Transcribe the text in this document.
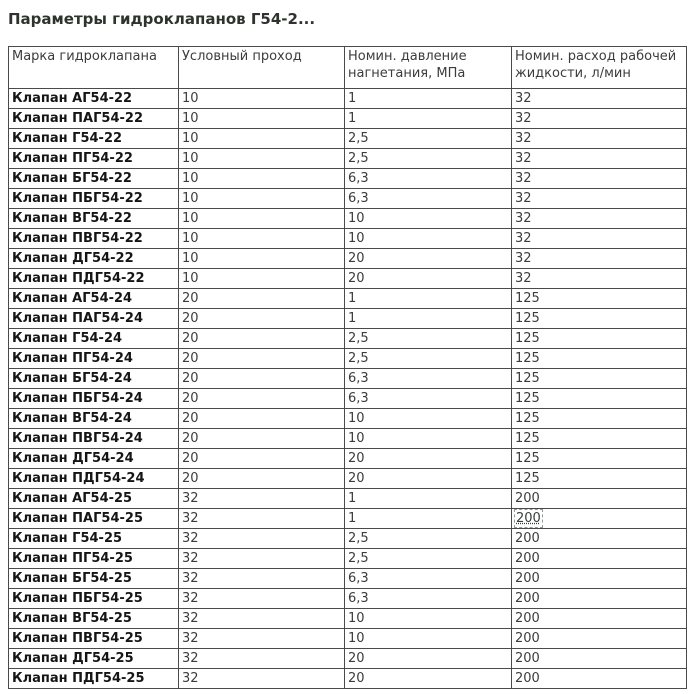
Параметры гидроклапанов Г54-2...
Марка гидроклапана	Условный проход	Номин. давление нагнетания, МПа	Номин. расход рабочей жидкости, л/мин
Клапан АГ54-22	10	1	32
Клапан ПАГ54-22	10	1	32
Клапан Г54-22	10	2,5	32
Клапан ПГ54-22	10	2,5	32
Клапан БГ54-22	10	6,3	32
Клапан ПБГ54-22	10	6,3	32
Клапан ВГ54-22	10	10	32
Клапан ПВГ54-22	10	10	32
Клапан ДГ54-22	10	20	32
Клапан ПДГ54-22	10	20	32
Клапан АГ54-24	20	1	125
Клапан ПАГ54-24	20	1	125
Клапан Г54-24	20	2,5	125
Клапан ПГ54-24	20	2,5	125
Клапан БГ54-24	20	6,3	125
Клапан ПБГ54-24	20	6,3	125
Клапан ВГ54-24	20	10	125
Клапан ПВГ54-24	20	10	125
Клапан ДГ54-24	20	20	125
Клапан ПДГ54-24	20	20	125
Клапан АГ54-25	32	1	200
Клапан ПАГ54-25	32	1	200
Клапан Г54-25	32	2,5	200
Клапан ПГ54-25	32	2,5	200
Клапан БГ54-25	32	6,3	200
Клапан ПБГ54-25	32	6,3	200
Клапан ВГ54-25	32	10	200
Клапан ПВГ54-25	32	10	200
Клапан ДГ54-25	32	20	200
Клапан ПДГ54-25	32	20	200
